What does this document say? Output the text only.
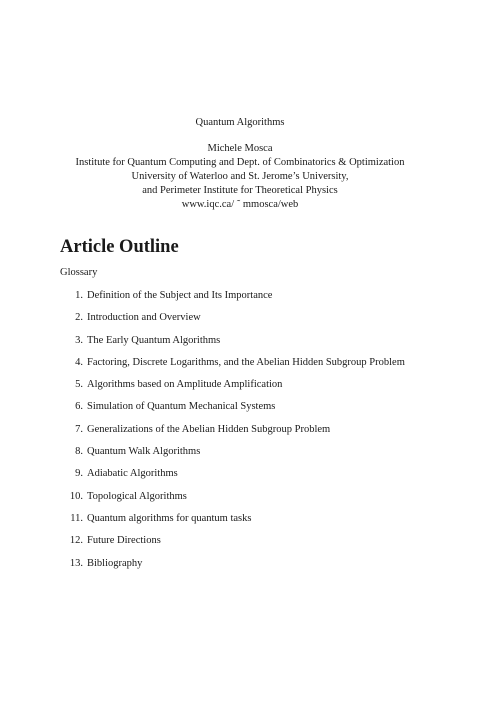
Quantum Algorithms
Michele Mosca
Institute for Quantum Computing and Dept. of Combinatorics & Optimization
University of Waterloo and St. Jerome’s University,
and Perimeter Institute for Theoretical Physics
www.iqc.ca/ ˜ mmosca/web
Article Outline
Glossary
1. Definition of the Subject and Its Importance
2. Introduction and Overview
3. The Early Quantum Algorithms
4. Factoring, Discrete Logarithms, and the Abelian Hidden Subgroup Problem
5. Algorithms based on Amplitude Amplification
6. Simulation of Quantum Mechanical Systems
7. Generalizations of the Abelian Hidden Subgroup Problem
8. Quantum Walk Algorithms
9. Adiabatic Algorithms
10. Topological Algorithms
11. Quantum algorithms for quantum tasks
12. Future Directions
13. Bibliography
